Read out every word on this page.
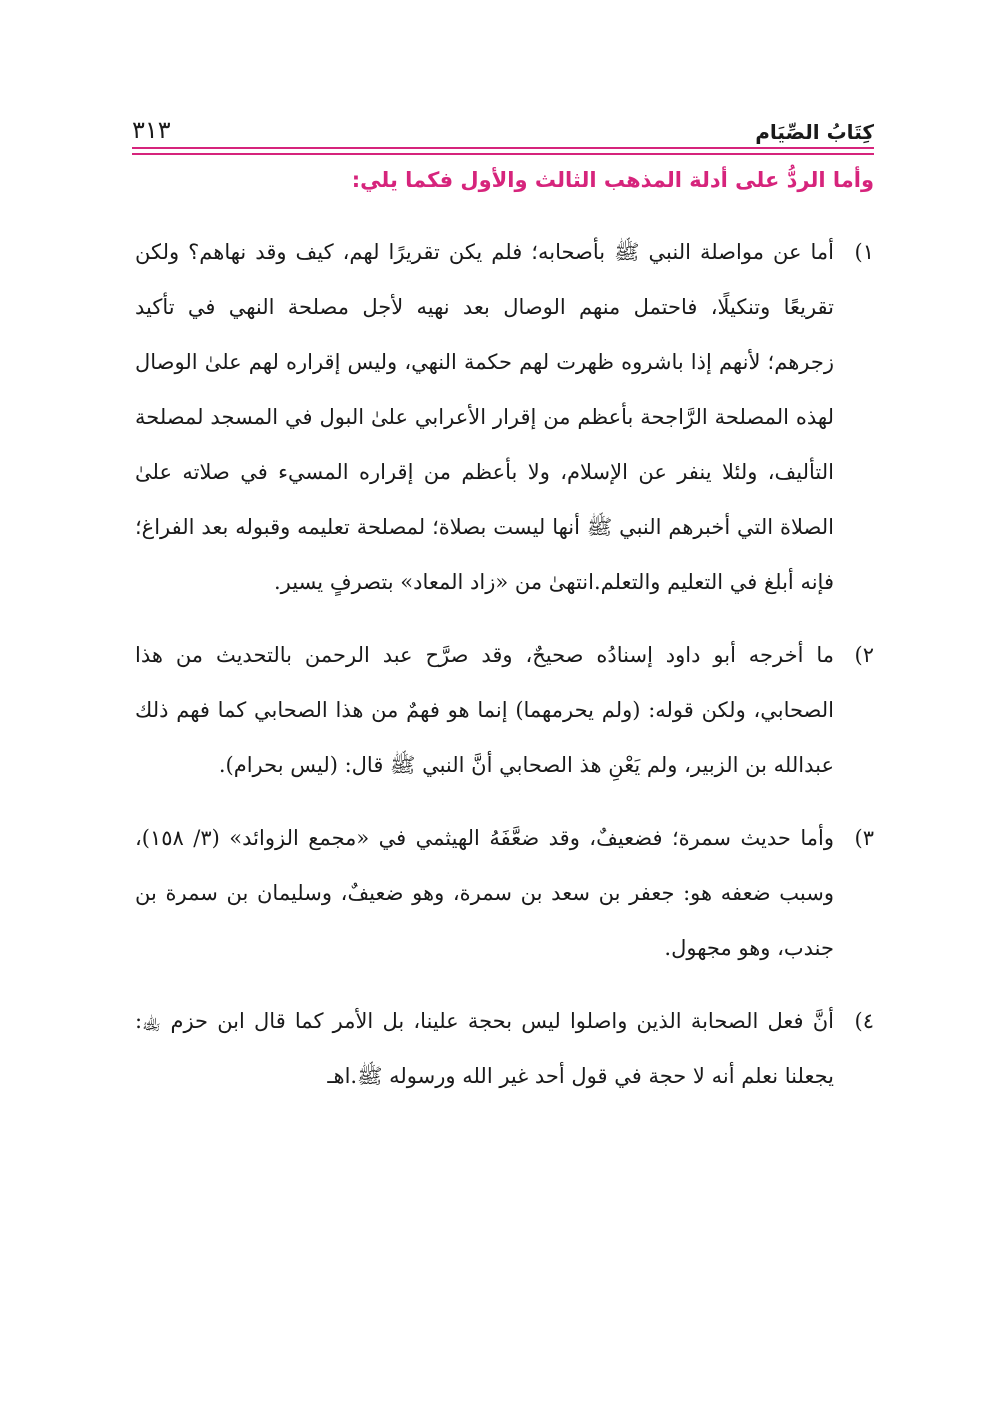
كِتَابُ الصِّيَام
٣١٣
وأما الردُّ على أدلة المذهب الثالث والأول فكما يلي:
١)
أما عن مواصلة النبي ﷺ بأصحابه؛ فلم يكن تقريرًا لهم، كيف وقد نهاهم؟ ولكن تقريعًا وتنكيلًا، فاحتمل منهم الوصال بعد نهيه لأجل مصلحة النهي في تأكيد زجرهم؛ لأنهم إذا باشروه ظهرت لهم حكمة النهي، وليس إقراره لهم علىٰ الوصال لهذه المصلحة الرَّاجحة بأعظم من إقرار الأعرابي علىٰ البول في المسجد لمصلحة التأليف، ولئلا ينفر عن الإسلام، ولا بأعظم من إقراره المسيء في صلاته علىٰ الصلاة التي أخبرهم النبي ﷺ أنها ليست بصلاة؛ لمصلحة تعليمه وقبوله بعد الفراغ؛ فإنه أبلغ في التعليم والتعلم.انتهىٰ من «زاد المعاد» بتصرفٍ يسير.
٢)
ما أخرجه أبو داود إسنادُه صحيحٌ، وقد صرَّح عبد الرحمن بالتحديث من هذا الصحابي، ولكن قوله: (ولم يحرمهما) إنما هو فهمٌ من هذا الصحابي كما فهم ذلك عبدالله بن الزبير، ولم يَعْنِ هذ الصحابي أنَّ النبي ﷺ قال: (ليس بحرام).
٣)
وأما حديث سمرة؛ فضعيفٌ، وقد ضعَّفَهُ الهيثمي في «مجمع الزوائد» (٣/ ١٥٨)، وسبب ضعفه هو: جعفر بن سعد بن سمرة، وهو ضعيفٌ، وسليمان بن سمرة بن جندب، وهو مجهول.
٤)
أنَّ فعل الصحابة الذين واصلوا ليس بحجة علينا، بل الأمر كما قال ابن حزم ﵀: يجعلنا نعلم أنه لا حجة في قول أحد غير الله ورسوله ﷺ.اهـ
